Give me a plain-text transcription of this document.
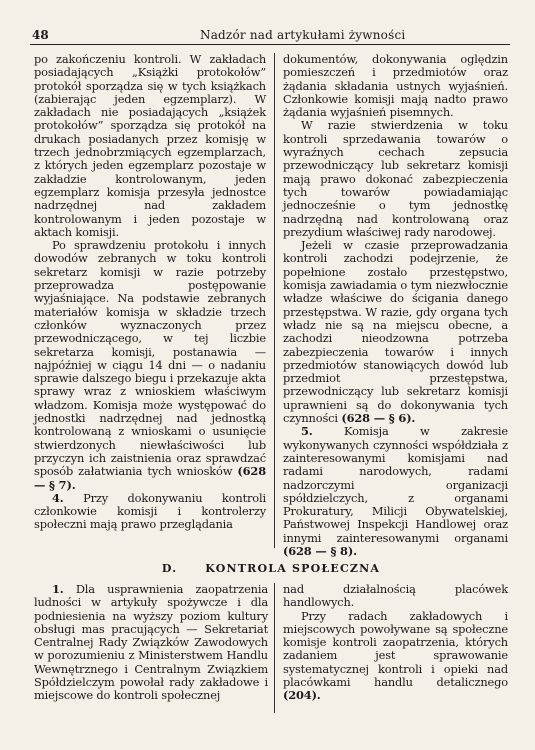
48	Nadzór nad artykułami żywności

po zakończeniu kontroli. W zakładach posiadających „Książki protokołów” protokół sporządza się w tych książkach (zabierając jeden egzemplarz). W zakładach nie posiadających „książek protokołów” sporządza się protokół na drukach posiadanych przez komisję w trzech jednobrzmiących egzemplarzach, z których jeden egzemplarz pozostaje w zakładzie kontrolowanym, jeden egzemplarz komisja przesyła jednostce nadrzędnej nad zakładem kontrolowanym i jeden pozostaje w aktach komisji.

Po sprawdzeniu protokołu i innych dowodów zebranych w toku kontroli sekretarz komisji w razie potrzeby przeprowadza postępowanie wyjaśniające. Na podstawie zebranych materiałów komisja w składzie trzech członków wyznaczonych przez przewodniczącego, w tej liczbie sekretarza komisji, postanawia — najpóźniej w ciągu 14 dni — o nadaniu sprawie dalszego biegu i przekazuje akta sprawy wraz z wnioskiem właściwym władzom. Komisja może występować do jednostki nadrzędnej nad jednostką kontrolowaną z wnioskami o usunięcie stwierdzonych niewłaściwości lub przyczyn ich zaistnienia oraz sprawdzać sposób załatwiania tych wniosków (628 — § 7).

4. Przy dokonywaniu kontroli członkowie komisji i kontrolerzy społeczni mają prawo przeglądania

dokumentów, dokonywania oględzin pomieszczeń i przedmiotów oraz żądania składania ustnych wyjaśnień. Członkowie komisji mają nadto prawo żądania wyjaśnień pisemnych.

W razie stwierdzenia w toku kontroli sprzedawania towarów o wyraźnych cechach zepsucia przewodniczący lub sekretarz komisji mają prawo dokonać zabezpieczenia tych towarów powiadamiając jednocześnie o tym jednostkę nadrzędną nad kontrolowaną oraz prezydium właściwej rady narodowej.

Jeżeli w czasie przeprowadzania kontroli zachodzi podejrzenie, że popełnione zostało przestępstwo, komisja zawiadamia o tym niezwłocznie władze właściwe do ścigania danego przestępstwa. W razie, gdy organa tych władz nie są na miejscu obecne, a zachodzi nieodzowna potrzeba zabezpieczenia towarów i innych przedmiotów stanowiących dowód lub przedmiot przestępstwa, przewodniczący lub sekretarz komisji uprawnieni są do dokonywania tych czynności (628 — § 6).

5.	Komisja w zakresie wykonywanych czynności współdziała z zainteresowanymi komisjami nad radami narodowych, radami nadzorczymi organizacji spółdzielczych, z organami Prokuratury, Milicji Obywatelskiej, Państwowej Inspekcji Handlowej oraz innymi zainteresowanymi organami (628 — § 8).

D.	KONTROLA SPOŁECZNA

1. Dla usprawnienia zaopatrzenia ludności w artykuły spożywcze i dla podniesienia na wyższy poziom kultury obsługi mas pracujących — Sekretariat Centralnej Rady Związków Zawodowych w porozumieniu z Ministerstwem Handlu Wewnętrznego i Centralnym Związkiem Spółdzielczym powołał rady zakładowe i miejscowe do kontroli społecznej

nad działalnością placówek handlowych.

Przy radach zakładowych i miejscowych powoływane są społeczne komisje kontroli zaopatrzenia, których zadaniem jest sprawowanie systematycznej kontroli i opieki nad placówkami handlu detalicznego (204).
